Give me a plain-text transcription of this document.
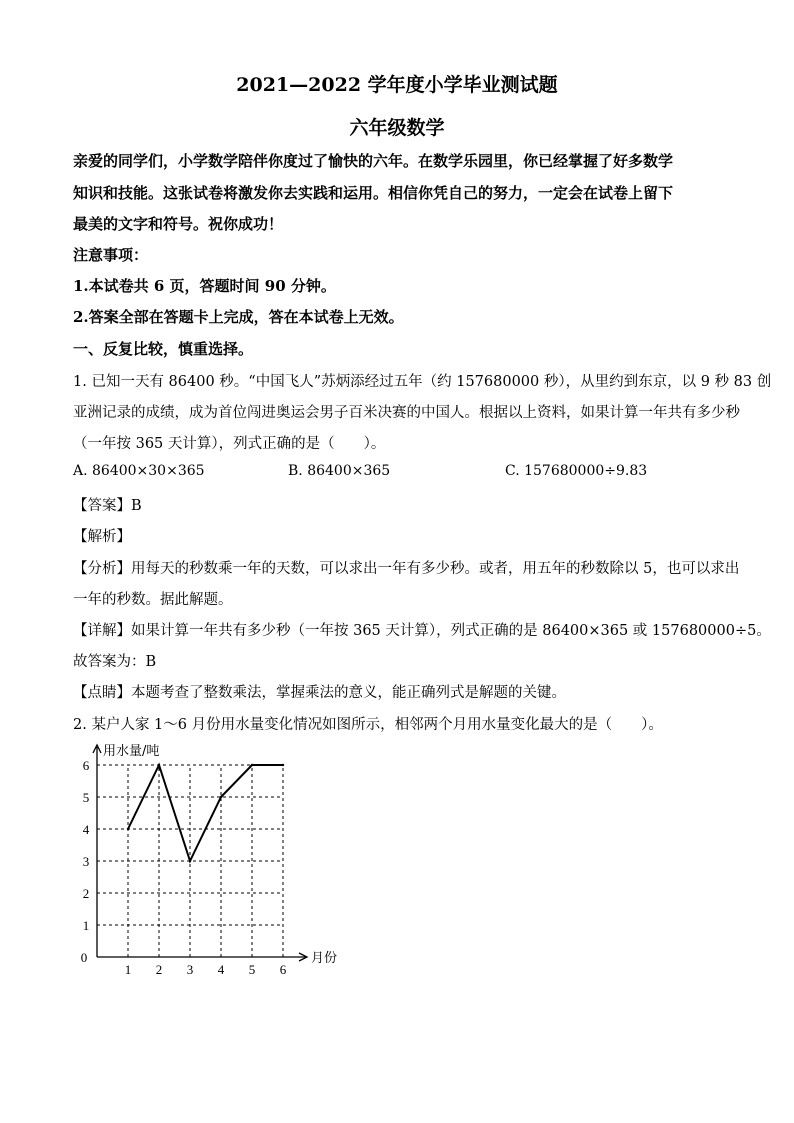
2021—2022 学年度小学毕业测试题
六年级数学
亲爱的同学们，小学数学陪伴你度过了愉快的六年。在数学乐园里，你已经掌握了好多数学
知识和技能。这张试卷将激发你去实践和运用。相信你凭自己的努力，一定会在试卷上留下
最美的文字和符号。祝你成功！
注意事项：
1.本试卷共 6 页，答题时间 90 分钟。
2.答案全部在答题卡上完成，答在本试卷上无效。
一、反复比较，慎重选择。
1. 已知一天有 86400 秒。“中国飞人”苏炳添经过五年（约 157680000 秒），从里约到东京，以 9 秒 83 创
亚洲记录的成绩，成为首位闯进奥运会男子百米决赛的中国人。根据以上资料，如果计算一年共有多少秒
（一年按 365 天计算），列式正确的是（　　）。
A. 86400×30×365	B. 86400×365	C. 157680000÷9.83
【答案】B
【解析】
【分析】用每天的秒数乘一年的天数，可以求出一年有多少秒。或者，用五年的秒数除以 5，也可以求出
一年的秒数。据此解题。
【详解】如果计算一年共有多少秒（一年按 365 天计算），列式正确的是 86400×365 或 157680000÷5。
故答案为：B
【点睛】本题考查了整数乘法，掌握乘法的意义，能正确列式是解题的关键。
2. 某户人家 1～6 月份用水量变化情况如图所示，相邻两个月用水量变化最大的是（　　）。
1 2 3 4 5 6
1
2
3
4
5
6
0
用水量/吨
月份
